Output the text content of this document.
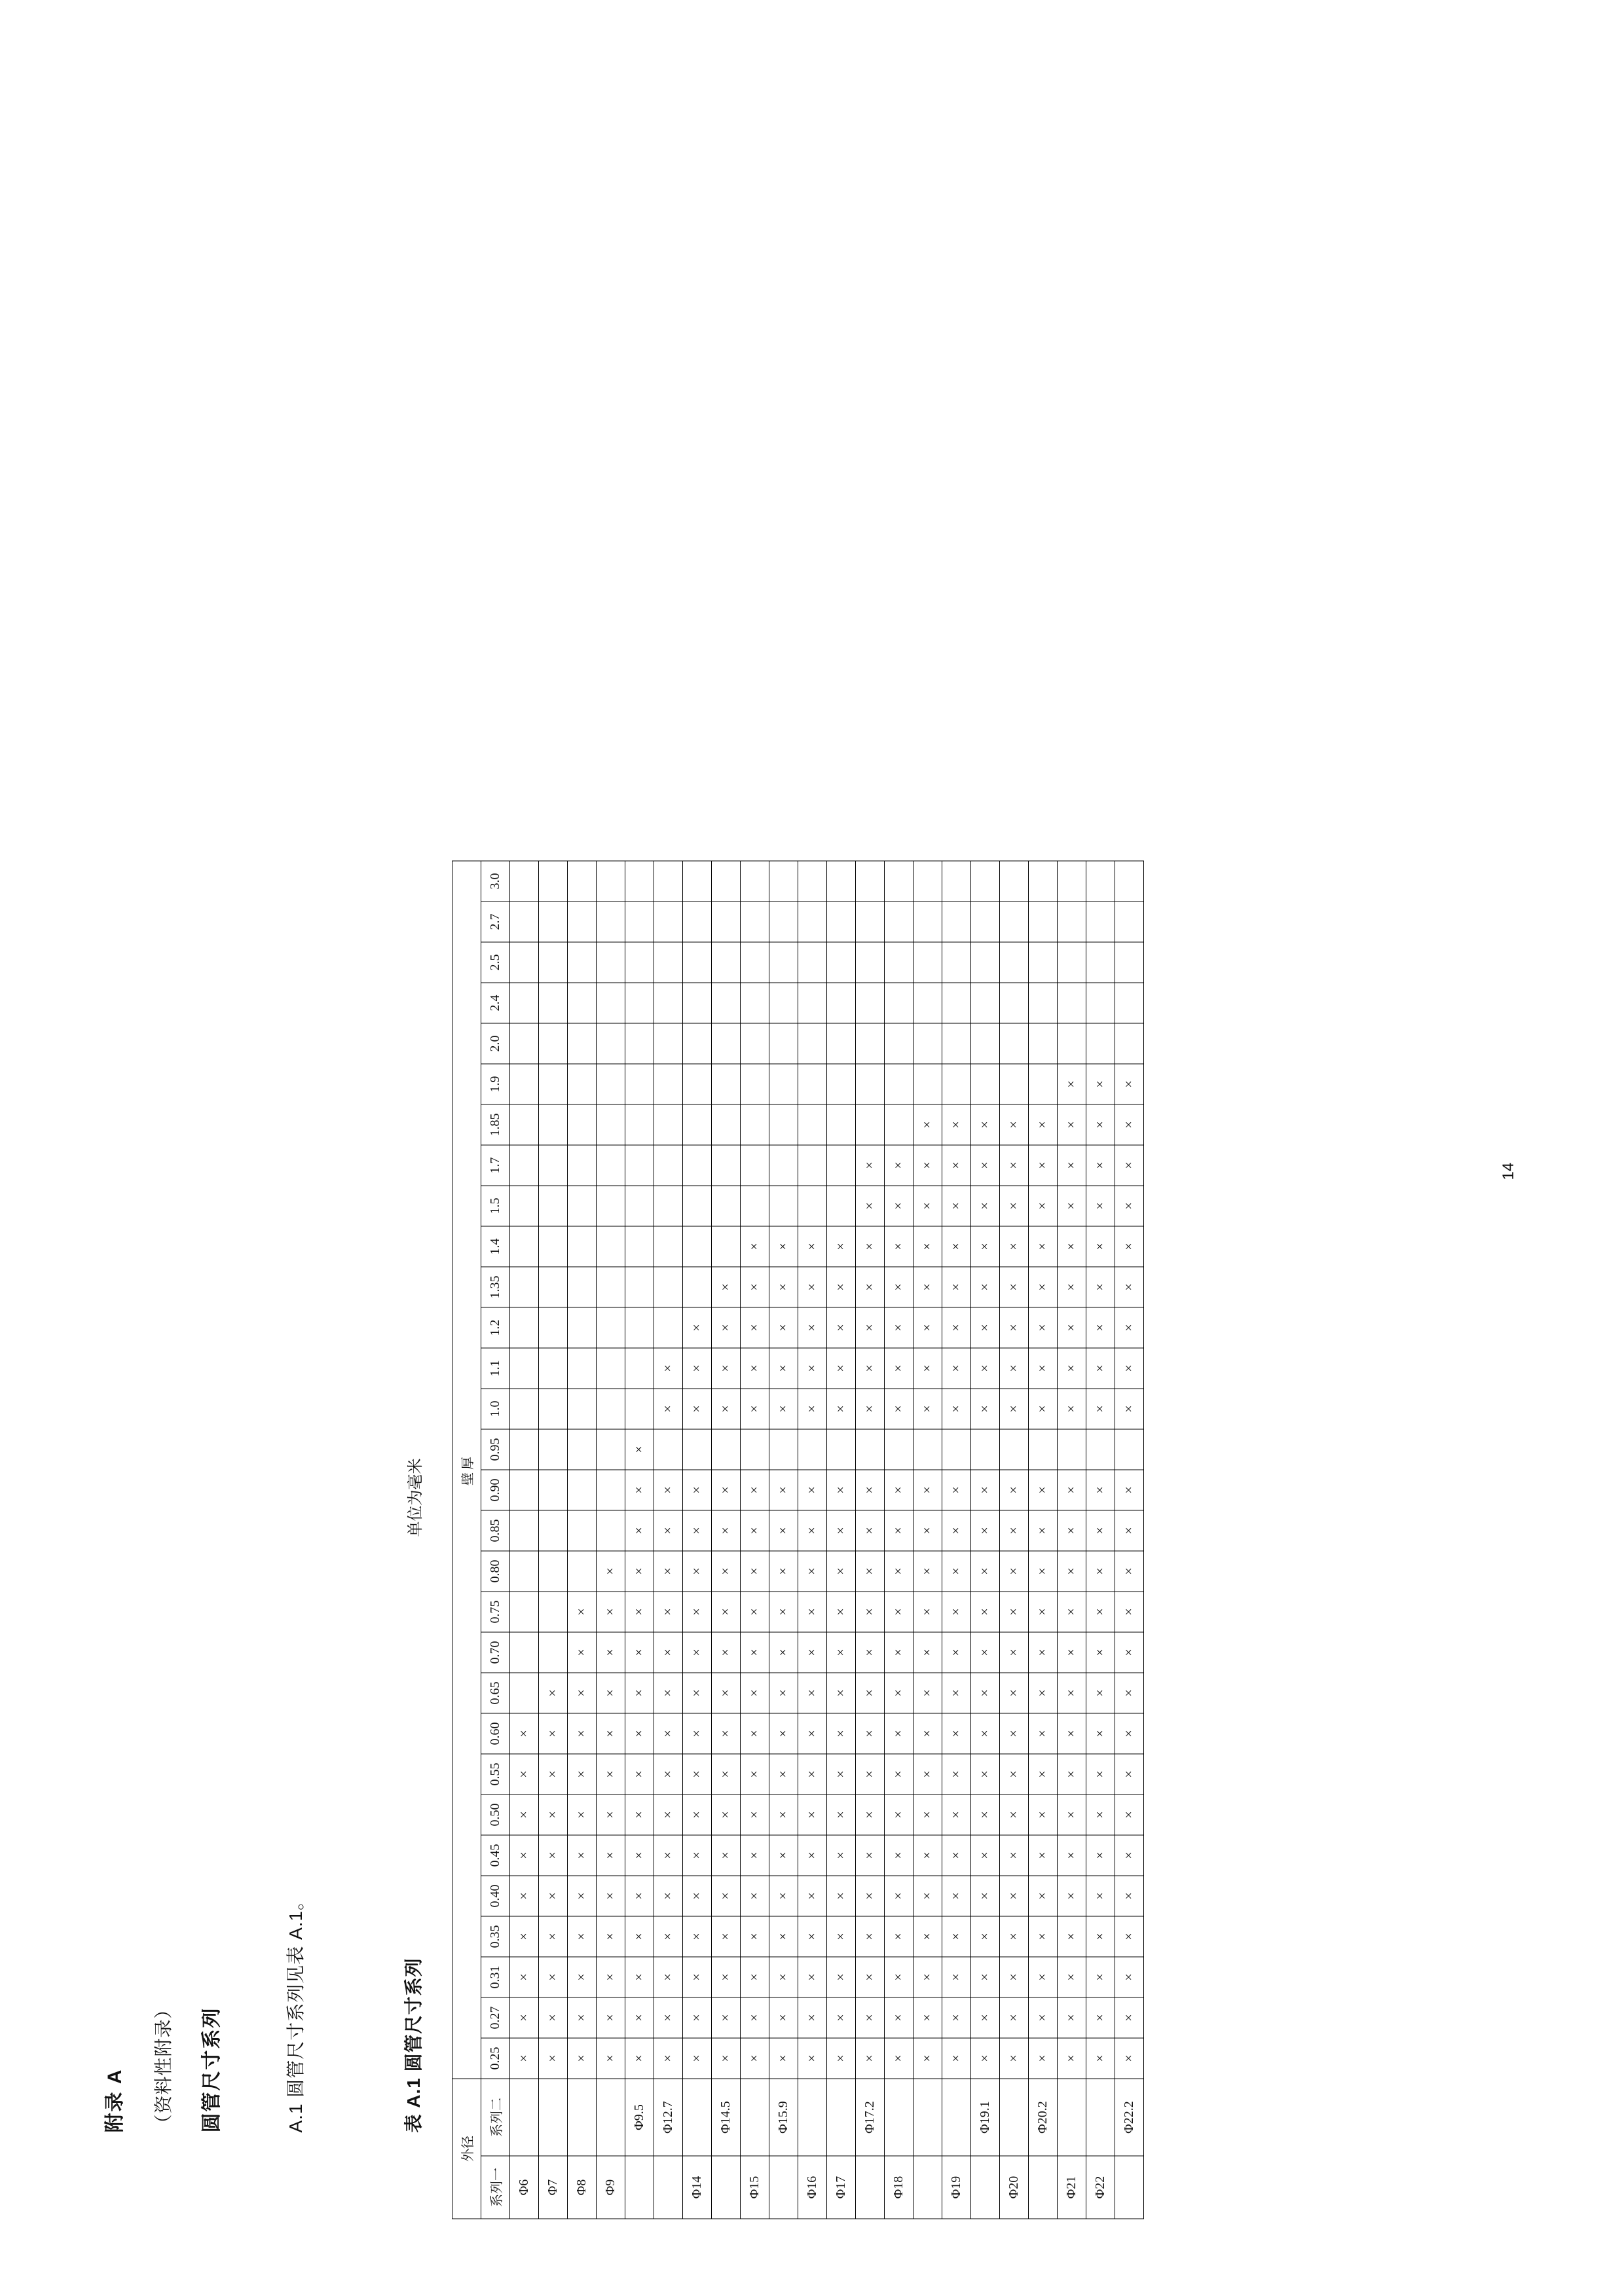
附录 A （资料性附录）	圆管尺寸系列	A.1 圆管尺寸系列见表 A.1。	表 A.1 圆管尺寸系列
单位为毫米
14
外径		壁厚																													
系列一	系列二	0.25	0.27	0.31	0.35	0.40	0.45	0.50	0.55	0.60	0.65	0.70	0.75	0.80	0.85	0.90	0.95	1.0	1.1	1.2	1.35	1.4	1.5	1.7	1.85	1.9	2.0	2.4	2.5	2.7	3.0
Φ6		×	×	×	×	×	×	×	×	×																					
Φ7		×	×	×	×	×	×	×	×	×	×																				
Φ8		×	×	×	×	×	×	×	×	×	×	×	×																		
Φ9		×	×	×	×	×	×	×	×	×	×	×	×	×																	
	Φ9.5	×	×	×	×	×	×	×	×	×	×	×	×	×	×	×	×														
	Φ12.7	×	×	×	×	×	×	×	×	×	×	×	×	×	×	×		×	×												
Φ14		×	×	×	×	×	×	×	×	×	×	×	×	×	×	×		×	×	×											
	Φ14.5	×	×	×	×	×	×	×	×	×	×	×	×	×	×	×		×	×	×	×										
Φ15		×	×	×	×	×	×	×	×	×	×	×	×	×	×	×		×	×	×	×	×									
	Φ15.9	×	×	×	×	×	×	×	×	×	×	×	×	×	×	×		×	×	×	×	×									
Φ16		×	×	×	×	×	×	×	×	×	×	×	×	×	×	×		×	×	×	×	×									
Φ17		×	×	×	×	×	×	×	×	×	×	×	×	×	×	×		×	×	×	×	×									
	Φ17.2	×	×	×	×	×	×	×	×	×	×	×	×	×	×	×		×	×	×	×	×	×	×							
Φ18		×	×	×	×	×	×	×	×	×	×	×	×	×	×	×		×	×	×	×	×	×	×							
		×	×	×	×	×	×	×	×	×	×	×	×	×	×	×		×	×	×	×	×	×	×	×						
Φ19		×	×	×	×	×	×	×	×	×	×	×	×	×	×	×		×	×	×	×	×	×	×	×						
	Φ19.1	×	×	×	×	×	×	×	×	×	×	×	×	×	×	×		×	×	×	×	×	×	×	×						
Φ20		×	×	×	×	×	×	×	×	×	×	×	×	×	×	×		×	×	×	×	×	×	×	×						
	Φ20.2	×	×	×	×	×	×	×	×	×	×	×	×	×	×	×		×	×	×	×	×	×	×	×						
Φ21		×	×	×	×	×	×	×	×	×	×	×	×	×	×	×		×	×	×	×	×	×	×	×	×					
Φ22		×	×	×	×	×	×	×	×	×	×	×	×	×	×	×		×	×	×	×	×	×	×	×	×					
	Φ22.2	×	×	×	×	×	×	×	×	×	×	×	×	×	×	×		×	×	×	×	×	×	×	×	×					
